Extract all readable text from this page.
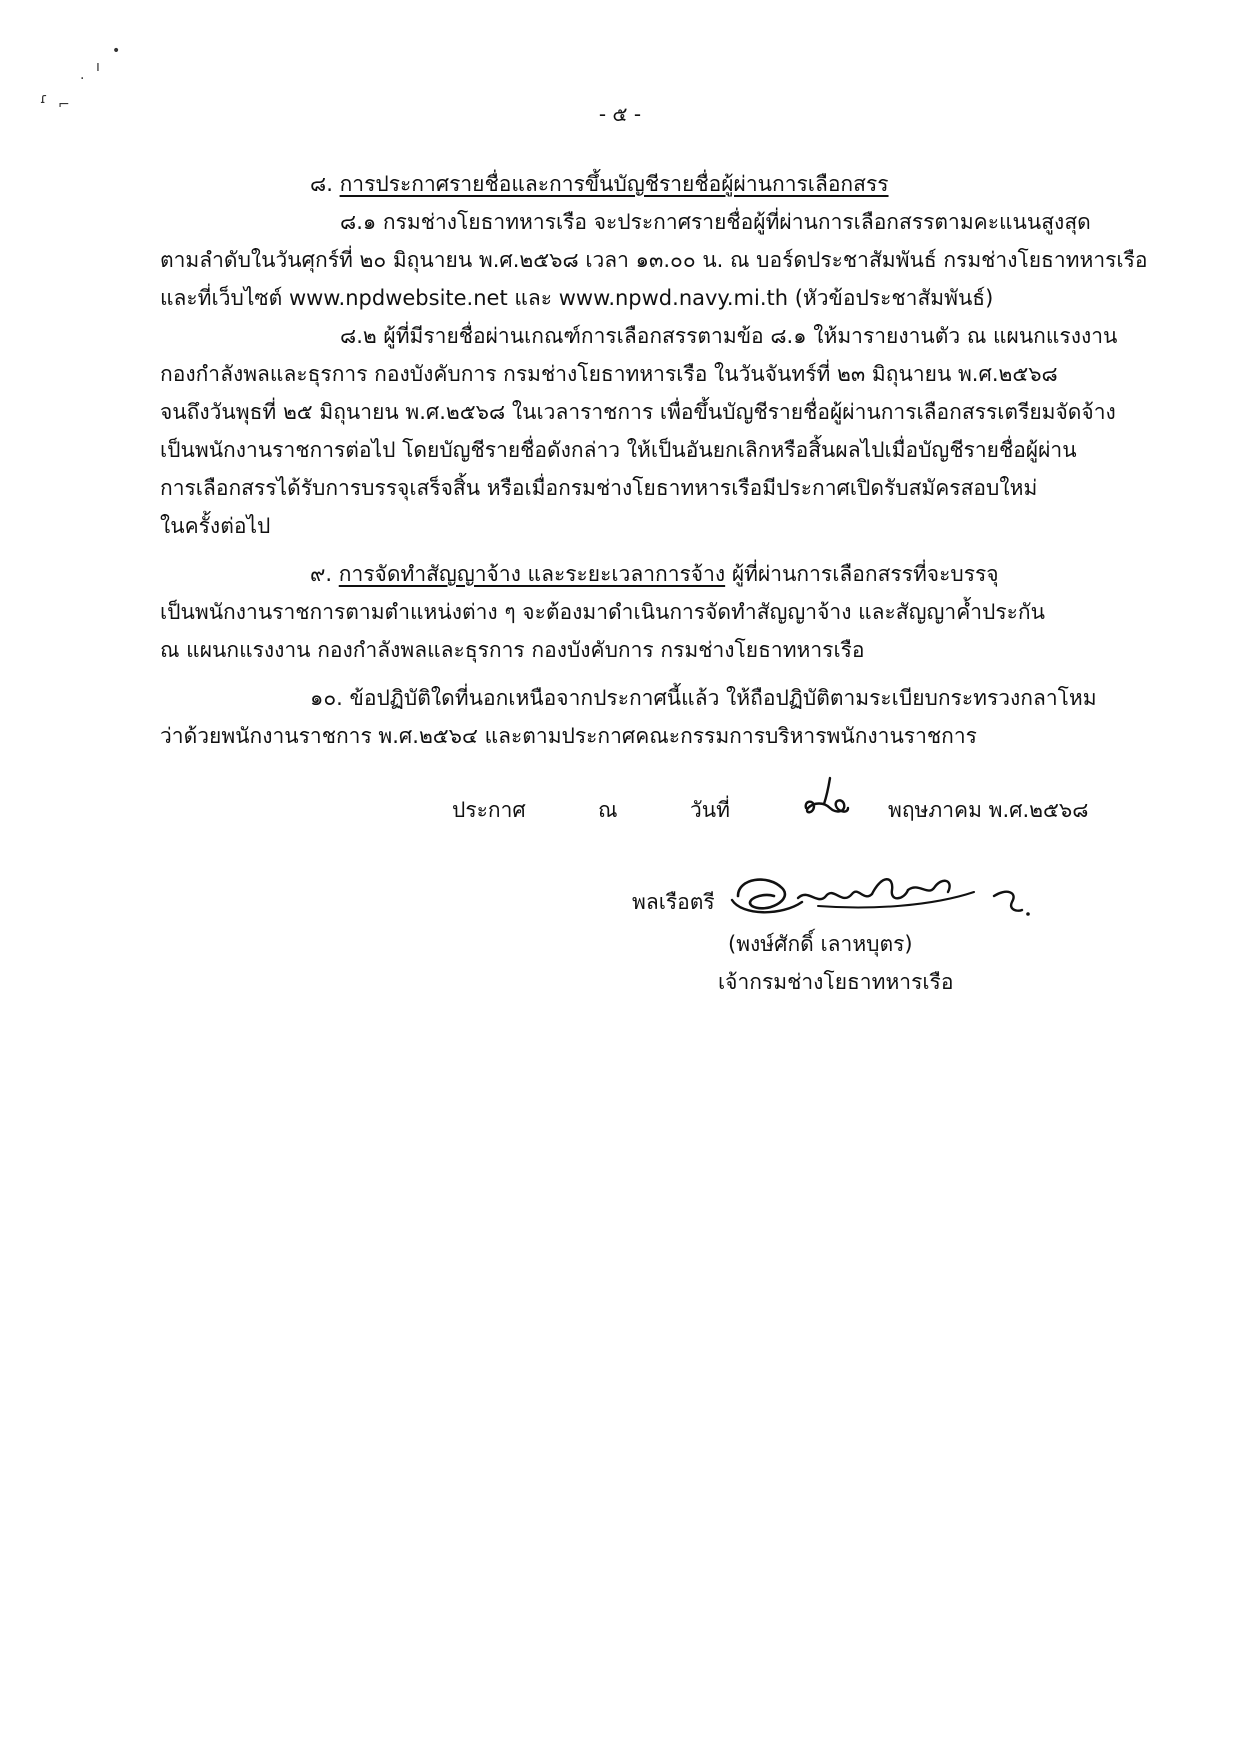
•
ı
·
ɾ ⌐	- ๕ -
๘. การประกาศรายชื่อและการขึ้นบัญชีรายชื่อผู้ผ่านการเลือกสรร
๘.๑ กรมช่างโยธาทหารเรือ จะประกาศรายชื่อผู้ที่ผ่านการเลือกสรรตามคะแนนสูงสุด
ตามลำดับในวันศุกร์ที่ ๒๐ มิถุนายน พ.ศ.๒๕๖๘ เวลา ๑๓.๐๐ น. ณ บอร์ดประชาสัมพันธ์ กรมช่างโยธาทหารเรือ
และที่เว็บไซต์ www.npdwebsite.net และ www.npwd.navy.mi.th (หัวข้อประชาสัมพันธ์)
๘.๒ ผู้ที่มีรายชื่อผ่านเกณฑ์การเลือกสรรตามข้อ ๘.๑ ให้มารายงานตัว ณ แผนกแรงงาน
กองกำลังพลและธุรการ กองบังคับการ กรมช่างโยธาทหารเรือ ในวันจันทร์ที่ ๒๓ มิถุนายน พ.ศ.๒๕๖๘
จนถึงวันพุธที่ ๒๕ มิถุนายน พ.ศ.๒๕๖๘ ในเวลาราชการ เพื่อขึ้นบัญชีรายชื่อผู้ผ่านการเลือกสรรเตรียมจัดจ้าง
เป็นพนักงานราชการต่อไป โดยบัญชีรายชื่อดังกล่าว ให้เป็นอันยกเลิกหรือสิ้นผลไปเมื่อบัญชีรายชื่อผู้ผ่าน
การเลือกสรรได้รับการบรรจุเสร็จสิ้น หรือเมื่อกรมช่างโยธาทหารเรือมีประกาศเปิดรับสมัครสอบใหม่
ในครั้งต่อไป
๙. การจัดทำสัญญาจ้าง และระยะเวลาการจ้าง ผู้ที่ผ่านการเลือกสรรที่จะบรรจุ
เป็นพนักงานราชการตามตำแหน่งต่าง ๆ จะต้องมาดำเนินการจัดทำสัญญาจ้าง และสัญญาค้ำประกัน
ณ แผนกแรงงาน กองกำลังพลและธุรการ กองบังคับการ กรมช่างโยธาทหารเรือ
๑๐. ข้อปฏิบัติใดที่นอกเหนือจากประกาศนี้แล้ว ให้ถือปฏิบัติตามระเบียบกระทรวงกลาโหม
ว่าด้วยพนักงานราชการ พ.ศ.๒๕๖๔ และตามประกาศคณะกรรมการบริหารพนักงานราชการ
ประกาศ	ณ	วันที่	พฤษภาคม พ.ศ.๒๕๖๘
พลเรือตรี
(พงษ์ศักดิ์ เลาหบุตร)
เจ้ากรมช่างโยธาทหารเรือ
